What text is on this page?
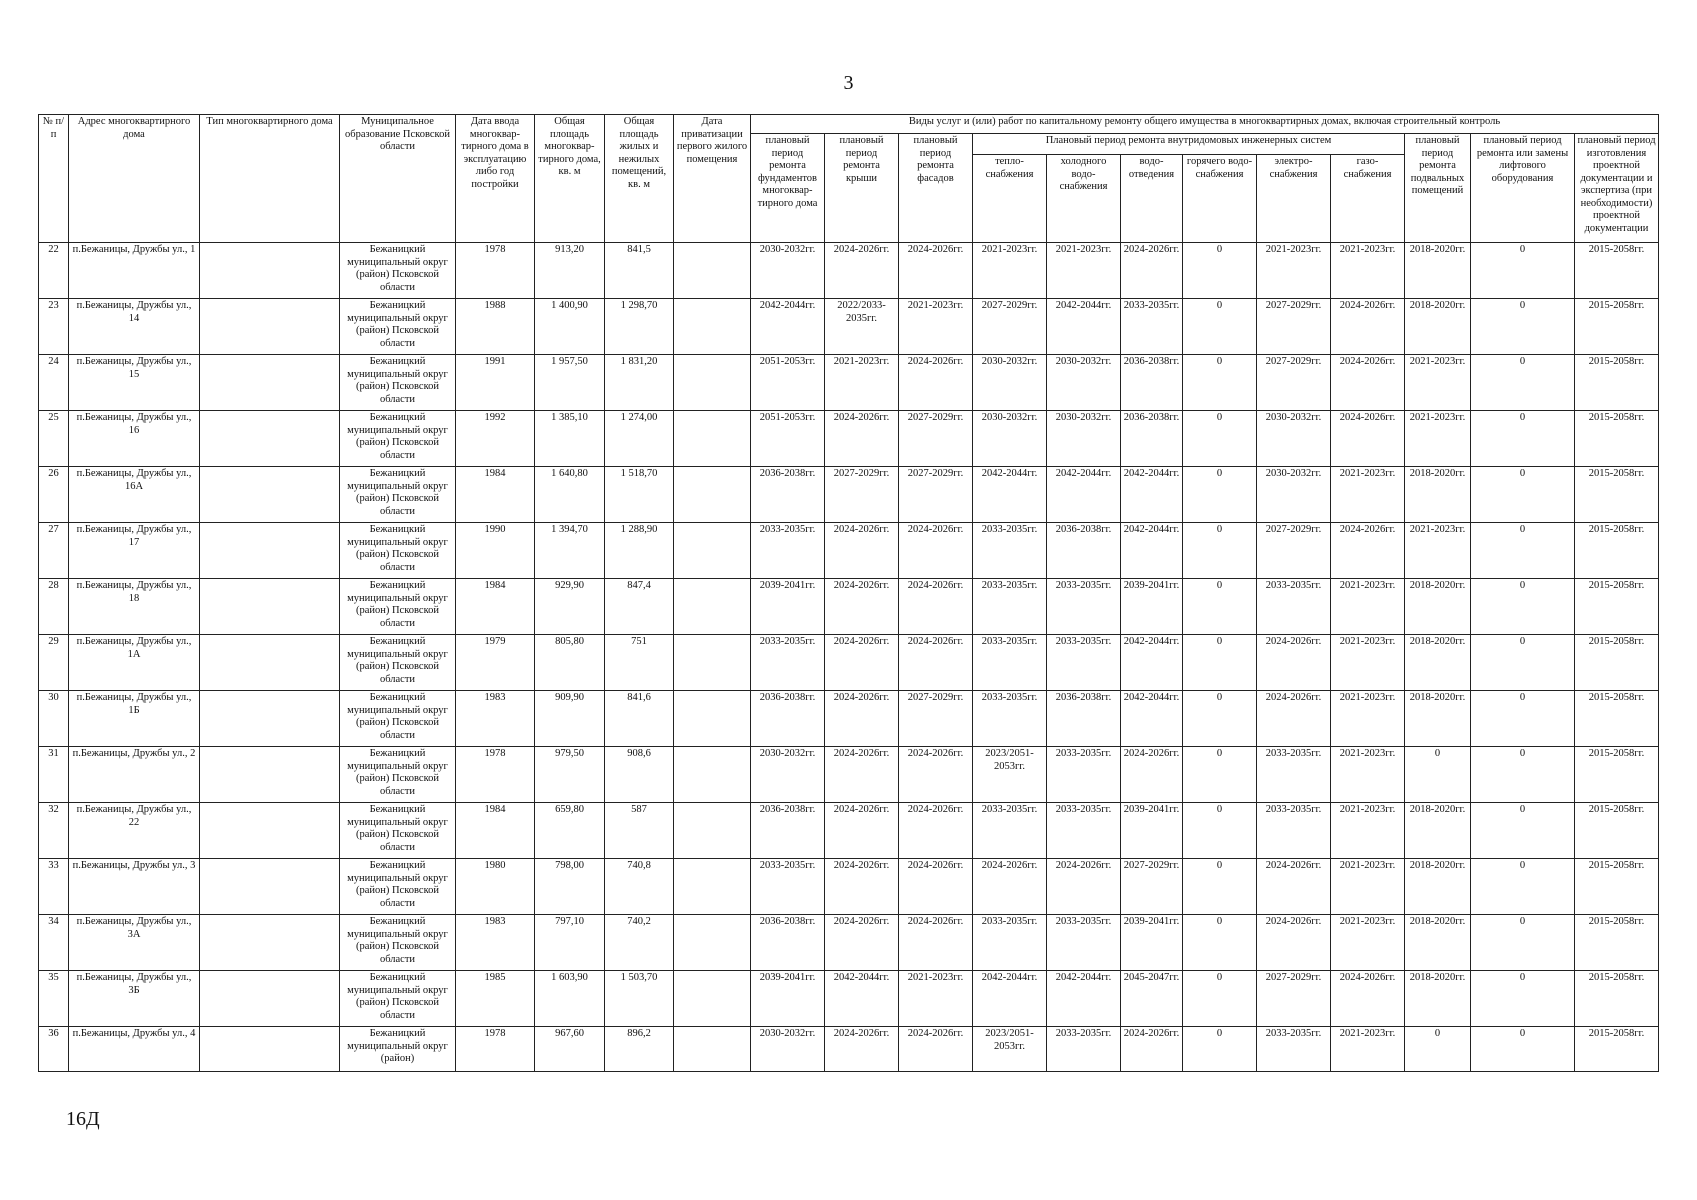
3
№ п/п	Адрес многоквартирного дома	Тип многоквартирного дома	Муниципальное образование Псковской области	Дата ввода многоквар-тирного дома в эксплуатацию либо год постройки	Общая площадь многоквар-тирного дома, кв. м	Общая площадь жилых и нежилых помещений, кв. м	Дата приватизации первого жилого помещения	Виды услуг и (или) работ по капитальному ремонту общего имущества в многоквартирных домах, включая строительный контроль											
								плановый период ремонта фундаментов многоквар-тирного дома	плановый период ремонта крыши	плановый период ремонта фасадов	Плановый период ремонта внутридомовых инженерных систем						плановый период ремонта подвальных помещений	плановый период ремонта или замены лифтового оборудования	плановый период изготовления проектной документации и экспертиза (при необходимости) проектной документации
											тепло-снабжения	холодного водо-снабжения	водо-отведения	горячего водо-снабжения	электро-снабжения	газо-снабжения			
22	п.Бежаницы, Дружбы ул., 1		Бежаницкий муниципальный округ (район) Псковской области	1978	913,20	841,5		2030-2032гг.	2024-2026гг.	2024-2026гг.	2021-2023гг.	2021-2023гг.	2024-2026гг.	0	2021-2023гг.	2021-2023гг.	2018-2020гг.	0	2015-2058гг.
23	п.Бежаницы, Дружбы ул., 14		Бежаницкий муниципальный округ (район) Псковской области	1988	1 400,90	1 298,70		2042-2044гг.	2022/2033-2035гг.	2021-2023гг.	2027-2029гг.	2042-2044гг.	2033-2035гг.	0	2027-2029гг.	2024-2026гг.	2018-2020гг.	0	2015-2058гг.
24	п.Бежаницы, Дружбы ул., 15		Бежаницкий муниципальный округ (район) Псковской области	1991	1 957,50	1 831,20		2051-2053гг.	2021-2023гг.	2024-2026гг.	2030-2032гг.	2030-2032гг.	2036-2038гг.	0	2027-2029гг.	2024-2026гг.	2021-2023гг.	0	2015-2058гг.
25	п.Бежаницы, Дружбы ул., 16		Бежаницкий муниципальный округ (район) Псковской области	1992	1 385,10	1 274,00		2051-2053гг.	2024-2026гг.	2027-2029гг.	2030-2032гг.	2030-2032гг.	2036-2038гг.	0	2030-2032гг.	2024-2026гг.	2021-2023гг.	0	2015-2058гг.
26	п.Бежаницы, Дружбы ул., 16А		Бежаницкий муниципальный округ (район) Псковской области	1984	1 640,80	1 518,70		2036-2038гг.	2027-2029гг.	2027-2029гг.	2042-2044гг.	2042-2044гг.	2042-2044гг.	0	2030-2032гг.	2021-2023гг.	2018-2020гг.	0	2015-2058гг.
27	п.Бежаницы, Дружбы ул., 17		Бежаницкий муниципальный округ (район) Псковской области	1990	1 394,70	1 288,90		2033-2035гг.	2024-2026гг.	2024-2026гг.	2033-2035гг.	2036-2038гг.	2042-2044гг.	0	2027-2029гг.	2024-2026гг.	2021-2023гг.	0	2015-2058гг.
28	п.Бежаницы, Дружбы ул., 18		Бежаницкий муниципальный округ (район) Псковской области	1984	929,90	847,4		2039-2041гг.	2024-2026гг.	2024-2026гг.	2033-2035гг.	2033-2035гг.	2039-2041гг.	0	2033-2035гг.	2021-2023гг.	2018-2020гг.	0	2015-2058гг.
29	п.Бежаницы, Дружбы ул., 1А		Бежаницкий муниципальный округ (район) Псковской области	1979	805,80	751		2033-2035гг.	2024-2026гг.	2024-2026гг.	2033-2035гг.	2033-2035гг.	2042-2044гг.	0	2024-2026гг.	2021-2023гг.	2018-2020гг.	0	2015-2058гг.
30	п.Бежаницы, Дружбы ул., 1Б		Бежаницкий муниципальный округ (район) Псковской области	1983	909,90	841,6		2036-2038гг.	2024-2026гг.	2027-2029гг.	2033-2035гг.	2036-2038гг.	2042-2044гг.	0	2024-2026гг.	2021-2023гг.	2018-2020гг.	0	2015-2058гг.
31	п.Бежаницы, Дружбы ул., 2		Бежаницкий муниципальный округ (район) Псковской области	1978	979,50	908,6		2030-2032гг.	2024-2026гг.	2024-2026гг.	2023/2051-2053гг.	2033-2035гг.	2024-2026гг.	0	2033-2035гг.	2021-2023гг.	0	0	2015-2058гг.
32	п.Бежаницы, Дружбы ул., 22		Бежаницкий муниципальный округ (район) Псковской области	1984	659,80	587		2036-2038гг.	2024-2026гг.	2024-2026гг.	2033-2035гг.	2033-2035гг.	2039-2041гг.	0	2033-2035гг.	2021-2023гг.	2018-2020гг.	0	2015-2058гг.
33	п.Бежаницы, Дружбы ул., 3		Бежаницкий муниципальный округ (район) Псковской области	1980	798,00	740,8		2033-2035гг.	2024-2026гг.	2024-2026гг.	2024-2026гг.	2024-2026гг.	2027-2029гг.	0	2024-2026гг.	2021-2023гг.	2018-2020гг.	0	2015-2058гг.
34	п.Бежаницы, Дружбы ул., 3А		Бежаницкий муниципальный округ (район) Псковской области	1983	797,10	740,2		2036-2038гг.	2024-2026гг.	2024-2026гг.	2033-2035гг.	2033-2035гг.	2039-2041гг.	0	2024-2026гг.	2021-2023гг.	2018-2020гг.	0	2015-2058гг.
35	п.Бежаницы, Дружбы ул., 3Б		Бежаницкий муниципальный округ (район) Псковской области	1985	1 603,90	1 503,70		2039-2041гг.	2042-2044гг.	2021-2023гг.	2042-2044гг.	2042-2044гг.	2045-2047гг.	0	2027-2029гг.	2024-2026гг.	2018-2020гг.	0	2015-2058гг.
36	п.Бежаницы, Дружбы ул., 4		Бежаницкий муниципальный округ (район)	1978	967,60	896,2		2030-2032гг.	2024-2026гг.	2024-2026гг.	2023/2051-2053гг.	2033-2035гг.	2024-2026гг.	0	2033-2035гг.	2021-2023гг.	0	0	2015-2058гг.
16Д
